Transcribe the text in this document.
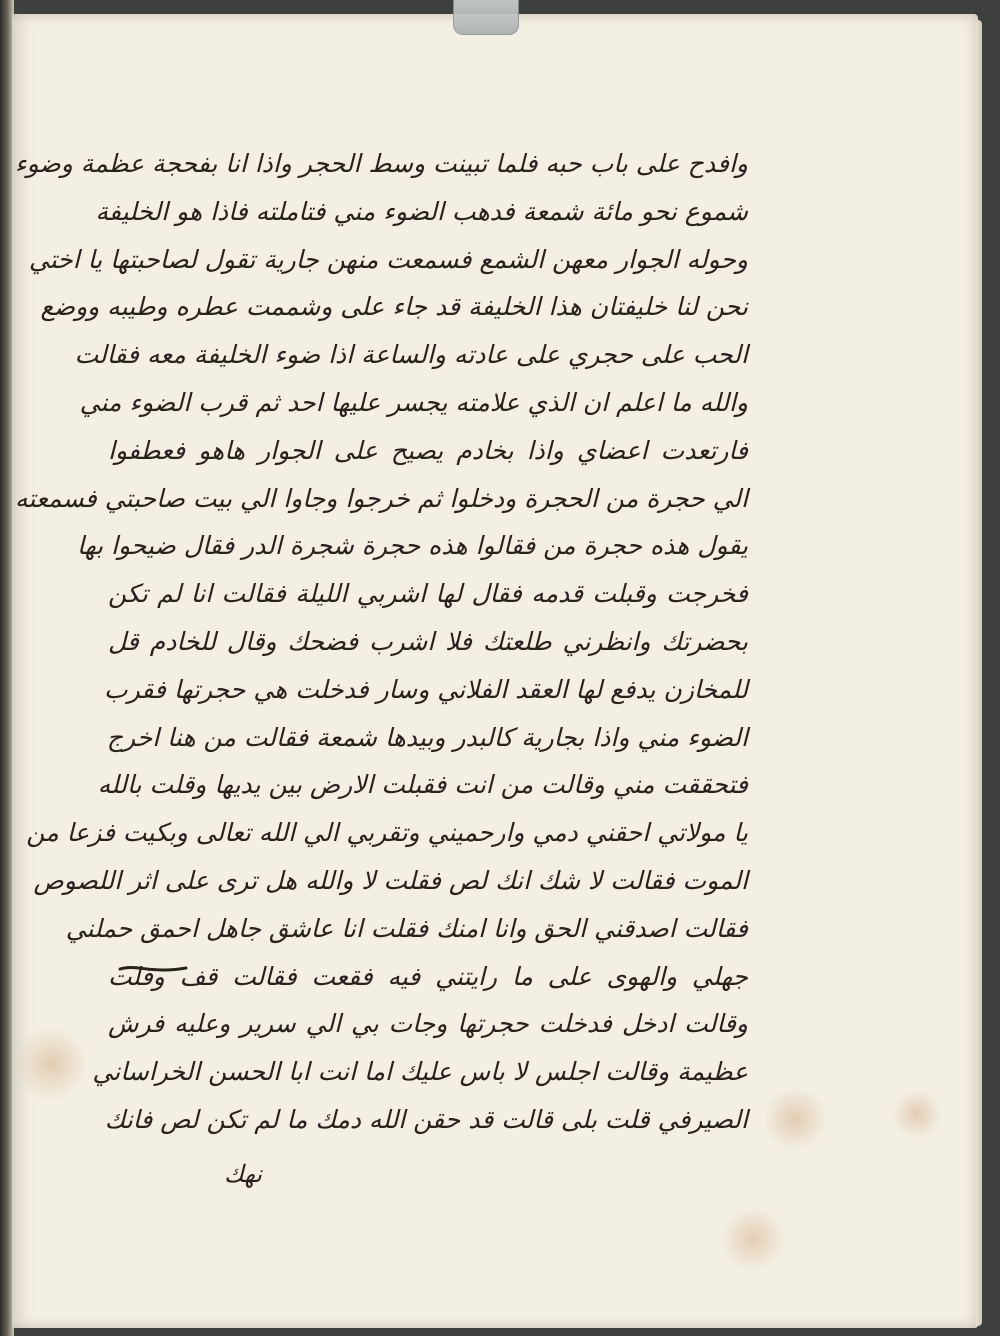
وافدح على باب حبه فلما تبينت وسط الحجر واذا انا بفحجة عظمة وضوء
شموع نحو مائة شمعة فدهب الضوء مني فتاملته فاذا هو الخليفة
وحوله الجوار معهن الشمع فسمعت منهن جارية تقول لصاحبتها يا اختي
نحن لنا خليفتان هذا الخليفة قد جاء على وشممت عطره وطيبه ووضع
الحب على حجري على عادته والساعة اذا ضوء الخليفة معه فقالت
والله ما اعلم ان الذي علامته يجسر عليها احد ثم قرب الضوء مني
فارتعدت اعضاي واذا بخادم يصيح على الجوار هاهو فعطفوا
الي حجرة من الحجرة ودخلوا ثم خرجوا وجاوا الي بيت صاحبتي فسمعته
يقول هذه حجرة من فقالوا هذه حجرة شجرة الدر فقال ضيحوا بها
فخرجت وقبلت قدمه فقال لها اشربي الليلة فقالت انا لم تكن
بحضرتك وانظرني طلعتك فلا اشرب فضحك وقال للخادم قل
للمخازن يدفع لها العقد الفلاني وسار فدخلت هي حجرتها فقرب
الضوء مني واذا بجارية كالبدر وبيدها شمعة فقالت من هنا اخرج
فتحققت مني وقالت من انت فقبلت الارض بين يديها وقلت بالله
يا مولاتي احقني دمي وارحميني وتقربي الي الله تعالى وبكيت فزعا من
الموت فقالت لا شك انك لص فقلت لا والله هل ترى على اثر اللصوص
فقالت اصدقني الحق وانا امنك فقلت انا عاشق جاهل احمق حملني
جهلي والهوى على ما رايتني فيه فقعت فقالت قف وقلت
وقالت ادخل فدخلت حجرتها وجات بي الي سرير وعليه فرش
عظيمة وقالت اجلس لا باس عليك اما انت ابا الحسن الخراساني
الصيرفي قلت بلى قالت قد حقن الله دمك ما لم تكن لص فانك
نهك
